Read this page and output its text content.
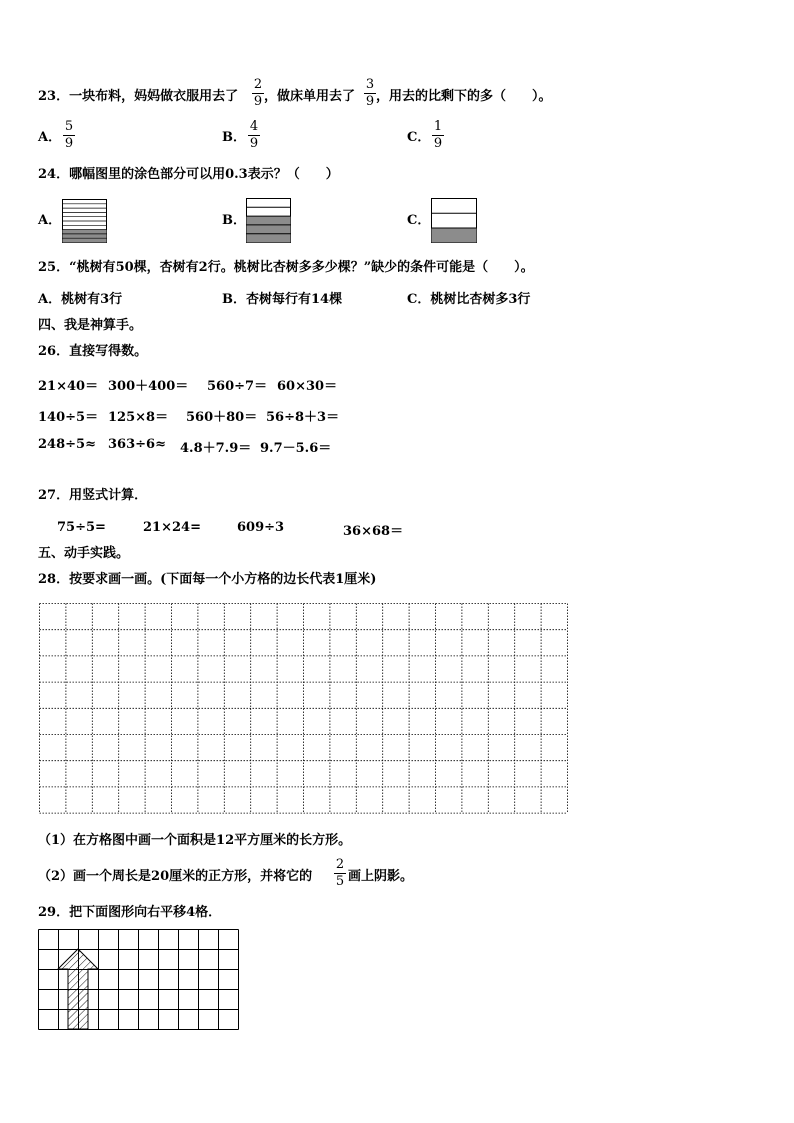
23．一块布料，妈妈做衣服用去了 $\frac{2}{9}$ ，做床单用去了 $\frac{3}{9}$ ，用去的比剩下的多（　　）。
A． $\frac{5}{9}$	B． $\frac{4}{9}$	C． $\frac{1}{9}$
24．哪幅图里的涂色部分可以用0.3表示？（　　）
A．	B．	C．
25．“桃树有50棵，杏树有2行。桃树比杏树多多少棵？”缺少的条件可能是（　　）。
A．桃树有3行	B．杏树每行有14棵	C．桃树比杏树多3行
四、我是神算手。
26．直接写得数。
21×40＝ 300＋400＝ 560÷7＝ 60×30＝
140÷5＝ 125×8＝ 560＋80＝ 56÷8＋3＝
248÷5≈ 363÷6≈ 4.8＋7.9＝ 9.7－5.6＝
27．用竖式计算．
75÷5=	21×24=	609÷3	36×68＝
五、动手实践。
28．按要求画一画。(下面每一个小方格的边长代表1厘米)
（1）在方格图中画一个面积是12平方厘米的长方形。
（2）画一个周长是20厘米的正方形，并将它的 $\frac{2}{5}$ 画上阴影。
29．把下面图形向右平移4格．
